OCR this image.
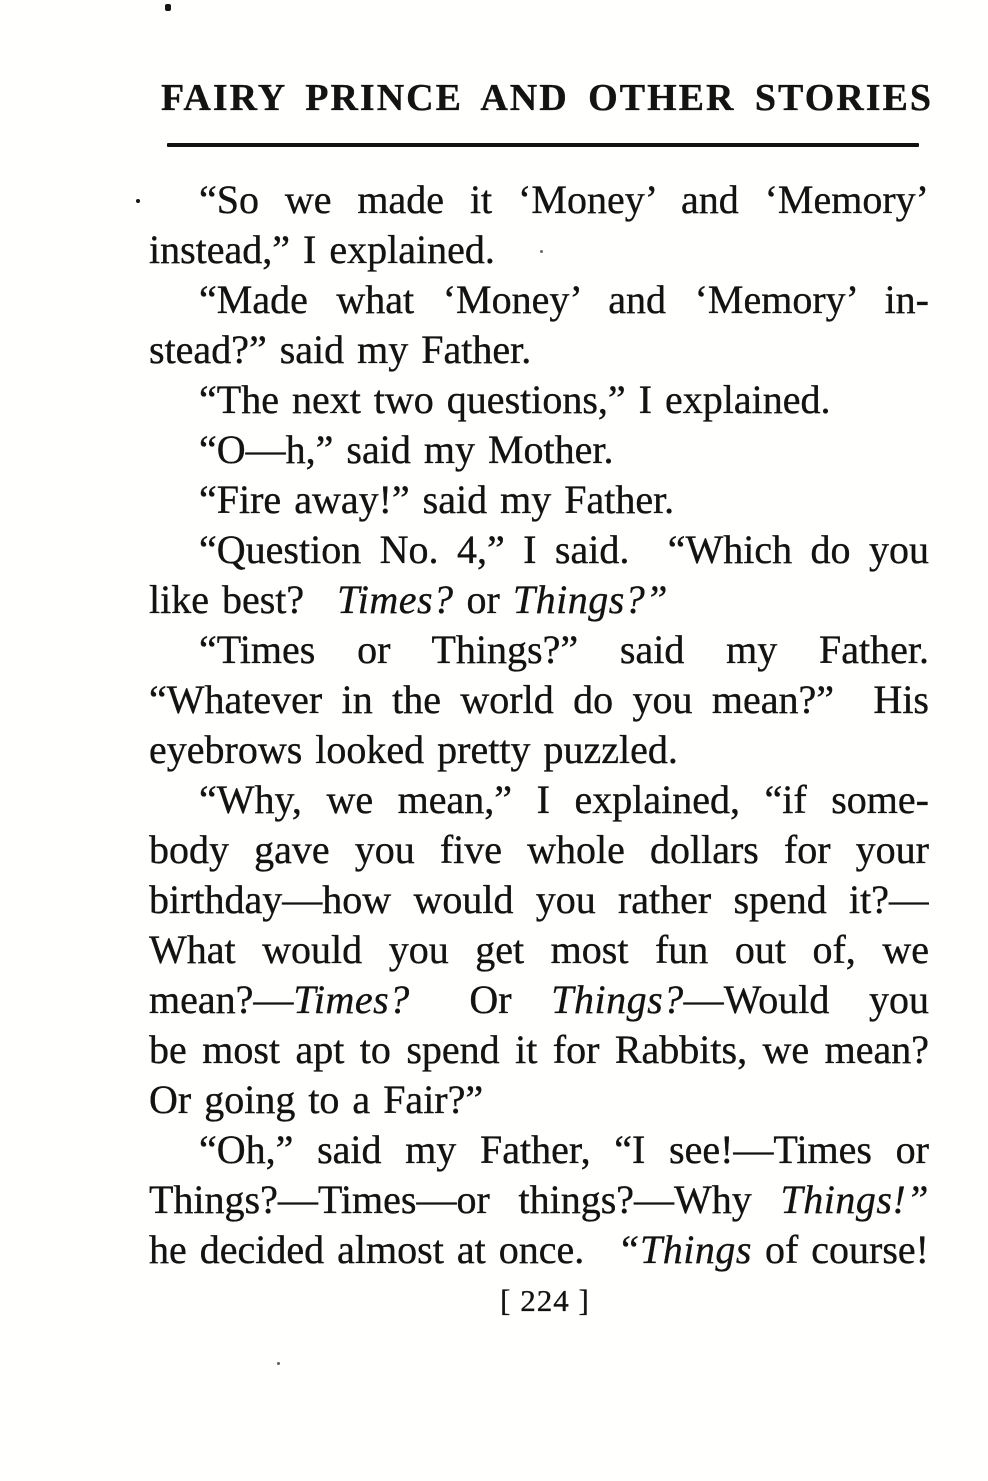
FAIRY PRINCE AND OTHER STORIES
“So we made it ‘Money’ and ‘Memory’
instead,” I explained.
“Made what ‘Money’ and ‘Memory’ in-
stead?” said my Father.
“The next two questions,” I explained.
“O—h,” said my Mother.
“Fire away!” said my Father.
“Question No. 4,” I said.  “Which do you
like best?  Times? or Things?”
“Times or Things?” said my Father.
“Whatever in the world do you mean?”  His
eyebrows looked pretty puzzled.
“Why, we mean,” I explained, “if some-
body gave you five whole dollars for your
birthday—how would you rather spend it?—
What would you get most fun out of, we
mean?—Times?  Or Things?—Would you
be most apt to spend it for Rabbits, we mean?
Or going to a Fair?”
“Oh,” said my Father, “I see!—Times or
Things?—Times—or things?—Why Things!”
he decided almost at once.  “Things of course!
[ 224 ]
